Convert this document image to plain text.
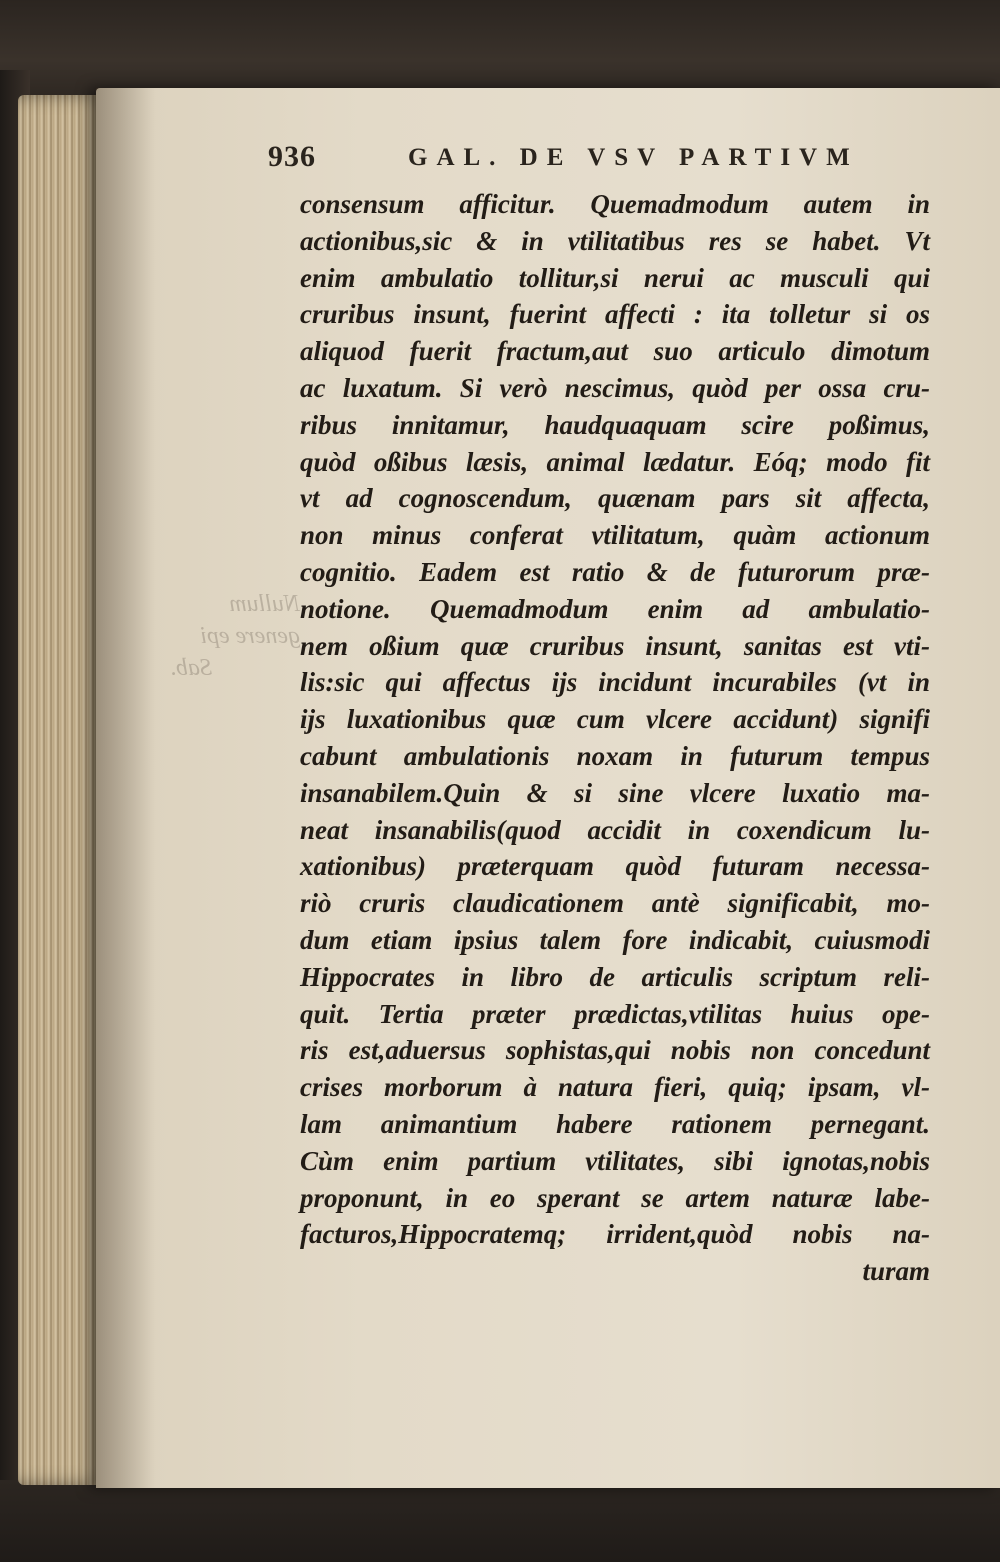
Nullum
genere epi
Sab.
936	GAL. DE VSV PARTIVM
consensum afficitur. Quemadmodum autem in
actionibus,sic & in vtilitatibus res se habet. Vt
enim ambulatio tollitur,si nerui ac musculi qui
cruribus insunt, fuerint affecti : ita tolletur si os
aliquod fuerit fractum,aut suo articulo dimotum
ac luxatum. Si verò nescimus, quòd per ossa cru-
ribus innitamur, haudquaquam scire poßimus,
quòd oßibus læsis, animal lædatur. Eóq; modo fit
vt ad cognoscendum, quænam pars sit affecta,
non minus conferat vtilitatum, quàm actionum
cognitio. Eadem est ratio & de futurorum præ-
notione. Quemadmodum enim ad ambulatio-
nem oßium quæ cruribus insunt, sanitas est vti-
lis:sic qui affectus ijs incidunt incurabiles (vt in
ijs luxationibus quæ cum vlcere accidunt) signifi
cabunt ambulationis noxam in futurum tempus
insanabilem.Quin & si sine vlcere luxatio ma-
neat insanabilis(quod accidit in coxendicum lu-
xationibus) præterquam quòd futuram necessa-
riò cruris claudicationem antè significabit, mo-
dum etiam ipsius talem fore indicabit, cuiusmodi
Hippocrates in libro de articulis scriptum reli-
quit. Tertia præter prædictas,vtilitas huius ope-
ris est,aduersus sophistas,qui nobis non concedunt
crises morborum à natura fieri, quiq; ipsam, vl-
lam animantium habere rationem pernegant.
Cùm enim partium vtilitates, sibi ignotas,nobis
proponunt, in eo sperant se artem naturæ labe-
facturos,Hippocratemq; irrident,quòd nobis na-
turam
